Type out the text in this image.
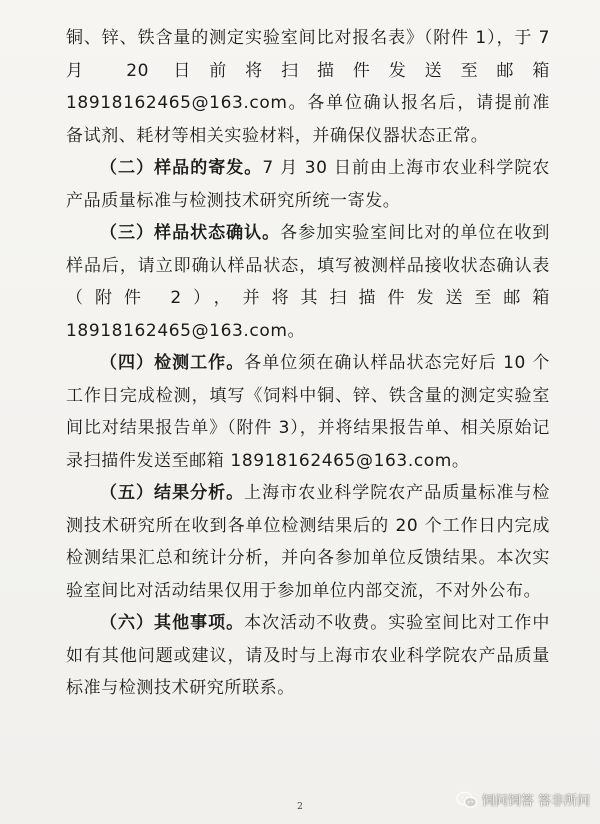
铜、锌、铁含量的测定实验室间比对报名表》（附件 1），于 7 月 20 日前将扫描件发送至邮箱 18918162465@163.com。各单位确认报名后，请提前准备试剂、耗材等相关实验材料，并确保仪器状态正常。

（二）样品的寄发。7 月 30 日前由上海市农业科学院农产品质量标准与检测技术研究所统一寄发。

（三）样品状态确认。各参加实验室间比对的单位在收到样品后，请立即确认样品状态，填写被测样品接收状态确认表（附件 2），并将其扫描件发送至邮箱 18918162465@163.com。

（四）检测工作。各单位须在确认样品状态完好后 10 个工作日完成检测，填写《饲料中铜、锌、铁含量的测定实验室间比对结果报告单》（附件 3），并将结果报告单、相关原始记录扫描件发送至邮箱 18918162465@163.com。

（五）结果分析。上海市农业科学院农产品质量标准与检测技术研究所在收到各单位检测结果后的 20 个工作日内完成检测结果汇总和统计分析，并向各参加单位反馈结果。本次实验室间比对活动结果仅用于参加单位内部交流，不对外公布。

（六）其他事项。本次活动不收费。实验室间比对工作中如有其他问题或建议，请及时与上海市农业科学院农产品质量标准与检测技术研究所联系。

2	饲问饲答 答非所问
